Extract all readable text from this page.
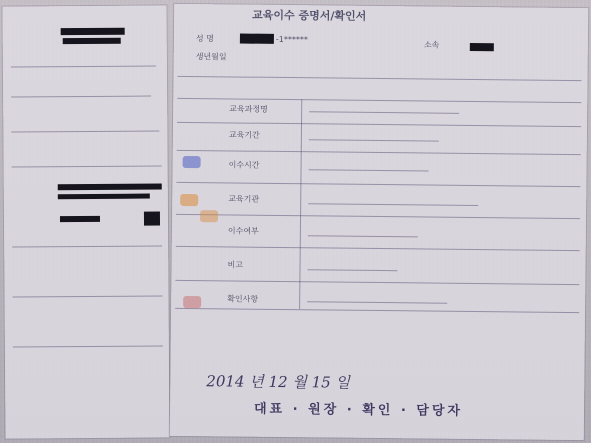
교육이수 증명서/확인서
성 명	-1******
생년월일
소속
교육과정명
교육기간
이수시간
교육기관
이수여부
비고
확인사항
2014 년 12 월 15 일
대표 · 원장 · 확인 · 담당자
